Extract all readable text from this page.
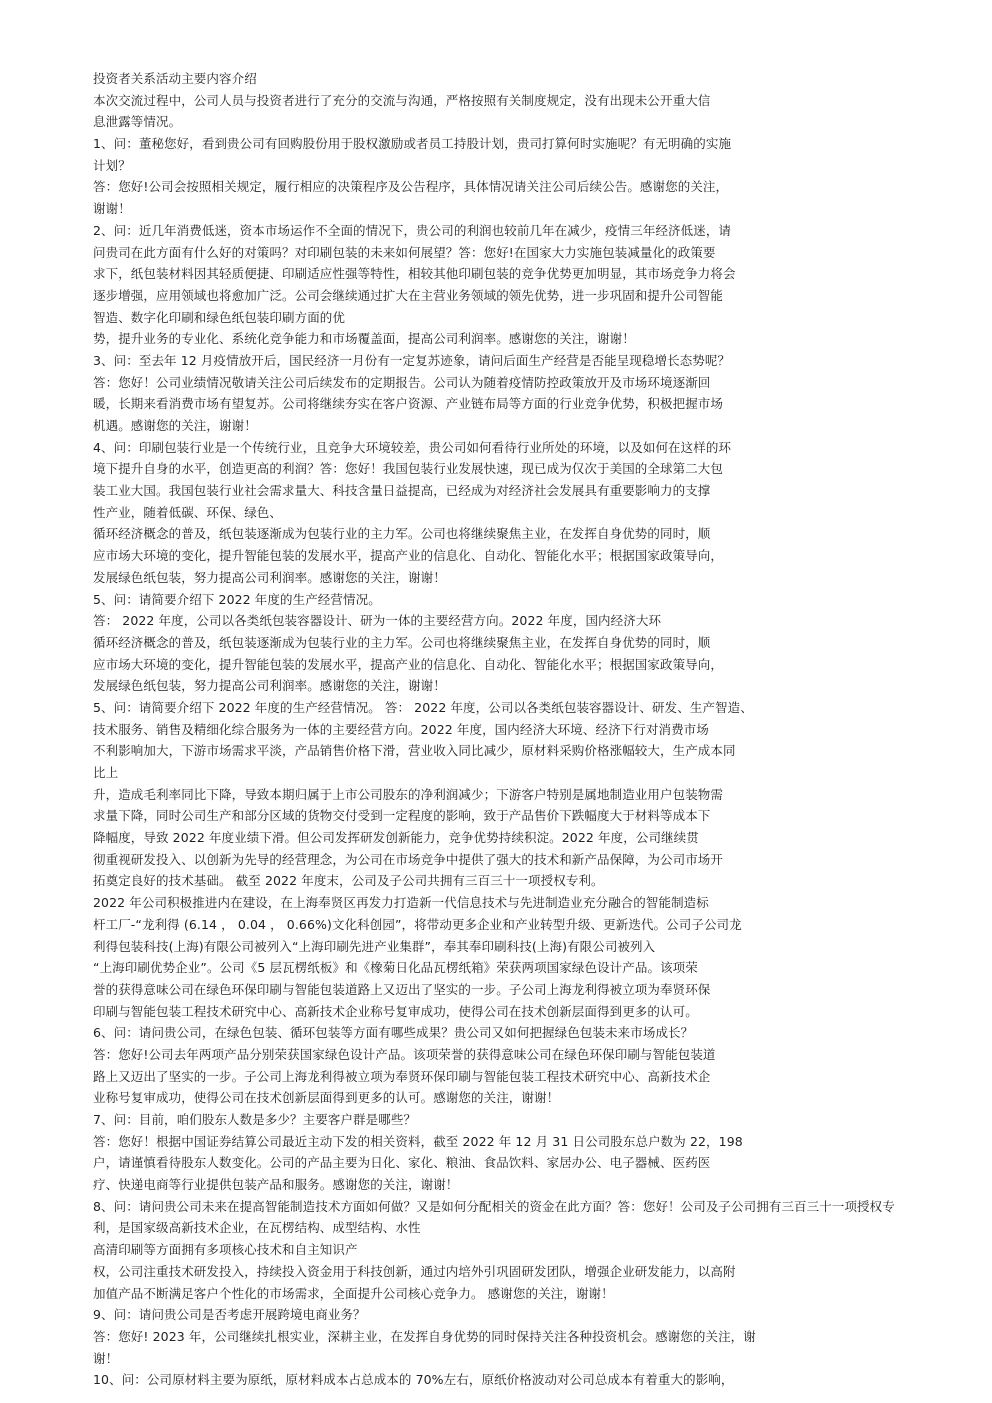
投资者关系活动主要内容介绍
本次交流过程中，公司人员与投资者进行了充分的交流与沟通，严格按照有关制度规定，没有出现未公开重大信
息泄露等情况。
1、问：董秘您好，看到贵公司有回购股份用于股权激励或者员工持股计划，贵司打算何时实施呢？有无明确的实施
计划？
答：您好!公司会按照相关规定，履行相应的决策程序及公告程序，具体情况请关注公司后续公告。感谢您的关注，
谢谢！
2、问：近几年消费低迷，资本市场运作不全面的情况下，贵公司的利润也较前几年在减少，疫情三年经济低迷，请
问贵司在此方面有什么好的对策吗？对印刷包装的未来如何展望？答：您好!在国家大力实施包装减量化的政策要
求下，纸包装材料因其轻质便捷、印刷适应性强等特性，相较其他印刷包装的竞争优势更加明显，其市场竞争力将会
逐步增强，应用领域也将愈加广泛。公司会继续通过扩大在主营业务领域的领先优势，进一步巩固和提升公司智能
智造、数字化印刷和绿色纸包装印刷方面的优
势，提升业务的专业化、系统化竞争能力和市场覆盖面，提高公司利润率。感谢您的关注，谢谢！
3、问：至去年 12 月疫情放开后，国民经济一月份有一定复苏迹象，请问后面生产经营是否能呈现稳增长态势呢？
答：您好！公司业绩情况敬请关注公司后续发布的定期报告。公司认为随着疫情防控政策放开及市场环境逐渐回
暖，长期来看消费市场有望复苏。公司将继续夯实在客户资源、产业链布局等方面的行业竞争优势，积极把握市场
机遇。感谢您的关注，谢谢！
4、问：印刷包装行业是一个传统行业，且竞争大环境较差，贵公司如何看待行业所处的环境，以及如何在这样的环
境下提升自身的水平，创造更高的利润？答：您好！我国包装行业发展快速，现已成为仅次于美国的全球第二大包
装工业大国。我国包装行业社会需求量大、科技含量日益提高，已经成为对经济社会发展具有重要影响力的支撑
性产业，随着低碳、环保、绿色、
循环经济概念的普及，纸包装逐渐成为包装行业的主力军。公司也将继续聚焦主业，在发挥自身优势的同时，顺
应市场大环境的变化，提升智能包装的发展水平，提高产业的信息化、自动化、智能化水平；根据国家政策导向，
发展绿色纸包装，努力提高公司利润率。感谢您的关注，谢谢！
5、问：请简要介绍下 2022 年度的生产经营情况。
答： 2022 年度，公司以各类纸包装容器设计、研为一体的主要经营方向。2022 年度，国内经济大环
循环经济概念的普及，纸包装逐渐成为包装行业的主力军。公司也将继续聚焦主业，在发挥自身优势的同时，顺
应市场大环境的变化，提升智能包装的发展水平，提高产业的信息化、自动化、智能化水平；根据国家政策导向，
发展绿色纸包装，努力提高公司利润率。感谢您的关注，谢谢！
5、问：请简要介绍下 2022 年度的生产经营情况。 答： 2022 年度，公司以各类纸包装容器设计、研发、生产智造、
技术服务、销售及精细化综合服务为一体的主要经营方向。2022 年度，国内经济大环境、经济下行对消费市场
不利影响加大，下游市场需求平淡，产品销售价格下滑，营业收入同比减少，原材料采购价格涨幅较大，生产成本同
比上
升，造成毛利率同比下降，导致本期归属于上市公司股东的净利润减少；下游客户特别是属地制造业用户包装物需
求量下降，同时公司生产和部分区域的货物交付受到一定程度的影响，致于产品售价下跌幅度大于材料等成本下
降幅度，导致 2022 年度业绩下滑。但公司发挥研发创新能力，竞争优势持续积淀。2022 年度，公司继续贯
彻重视研发投入、以创新为先导的经营理念，为公司在市场竞争中提供了强大的技术和新产品保障，为公司市场开
拓奠定良好的技术基础。 截至 2022 年度末，公司及子公司共拥有三百三十一项授权专利。
2022 年公司积极推进内在建设，在上海奉贤区再发力打造新一代信息技术与先进制造业充分融合的智能制造标
杆工厂-“龙利得 (6.14 ， 0.04 ， 0.66%)文化科创园”，将带动更多企业和产业转型升级、更新迭代。公司子公司龙
利得包装科技(上海)有限公司被列入“上海印刷先进产业集群”，奉其奉印刷科技(上海)有限公司被列入
“上海印刷优势企业”。公司《5 层瓦楞纸板》和《橡菊日化品瓦楞纸箱》荣获两项国家绿色设计产品。该项荣
誉的获得意味公司在绿色环保印刷与智能包装道路上又迈出了坚实的一步。子公司上海龙利得被立项为奉贤环保
印刷与智能包装工程技术研究中心、高新技术企业称号复审成功，使得公司在技术创新层面得到更多的认可。
6、问：请问贵公司，在绿色包装、循环包装等方面有哪些成果？贵公司又如何把握绿色包装未来市场成长？
答：您好!公司去年两项产品分别荣获国家绿色设计产品。该项荣誉的获得意味公司在绿色环保印刷与智能包装道
路上又迈出了坚实的一步。子公司上海龙利得被立项为奉贤环保印刷与智能包装工程技术研究中心、高新技术企
业称号复审成功，使得公司在技术创新层面得到更多的认可。感谢您的关注，谢谢！
7、问：目前，咱们股东人数是多少？主要客户群是哪些？
答：您好！根据中国证券结算公司最近主动下发的相关资料，截至 2022 年 12 月 31 日公司股东总户数为 22，198
户，请谨慎看待股东人数变化。公司的产品主要为日化、家化、粮油、食品饮料、家居办公、电子器械、医药医
疗、快递电商等行业提供包装产品和服务。感谢您的关注，谢谢！
8、问：请问贵公司未来在提高智能制造技术方面如何做？又是如何分配相关的资金在此方面？答：您好！公司及子公司拥有三百三十一项授权专
利，是国家级高新技术企业，在瓦楞结构、成型结构、水性
高清印刷等方面拥有多项核心技术和自主知识产
权，公司注重技术研发投入，持续投入资金用于科技创新，通过内培外引巩固研发团队，增强企业研发能力，以高附
加值产品不断满足客户个性化的市场需求，全面提升公司核心竞争力。 感谢您的关注，谢谢！
9、问：请问贵公司是否考虑开展跨境电商业务？
答：您好! 2023 年，公司继续扎根实业，深耕主业，在发挥自身优势的同时保持关注各种投资机会。感谢您的关注，谢
谢！
10、问：公司原材料主要为原纸，原材料成本占总成本的 70%左右，原纸价格波动对公司总成本有着重大的影响，
